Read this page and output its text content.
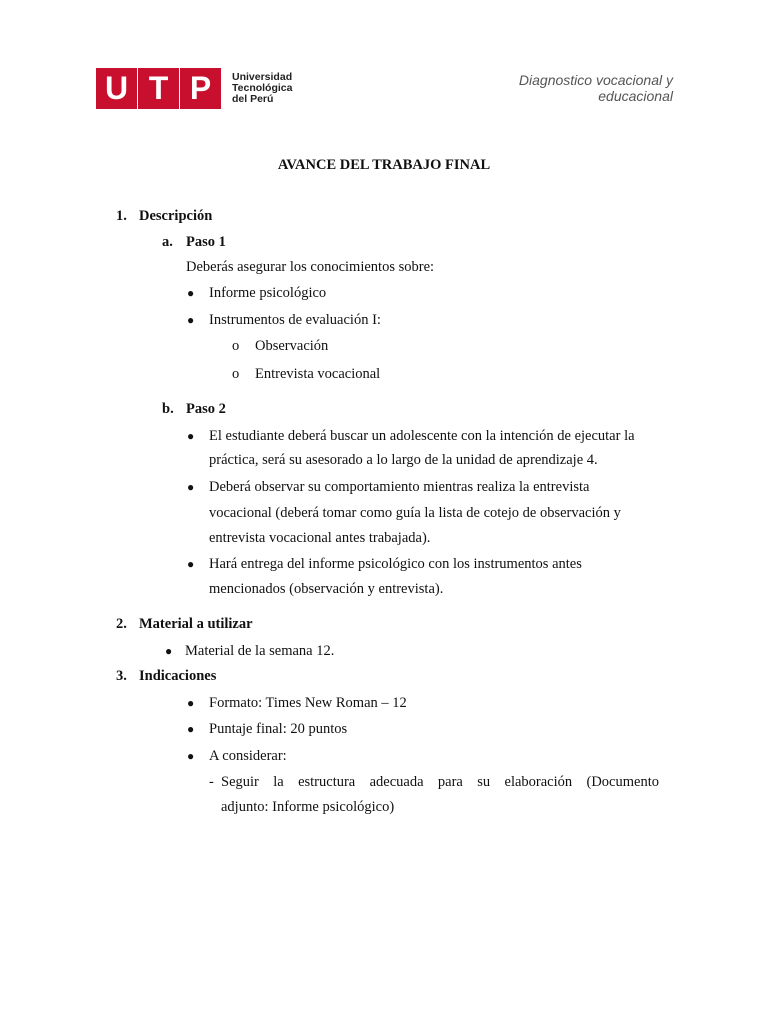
U T P	Universidad
Tecnológica
del Perú
Diagnostico vocacional y
educacional
AVANCE DEL TRABAJO FINAL
1. Descripción
a. Paso 1
Deberás asegurar los conocimientos sobre:
● Informe psicológico
● Instrumentos de evaluación I:
o Observación
o Entrevista vocacional
b. Paso 2
● El estudiante deberá buscar un adolescente con la intención de ejecutar la
práctica, será su asesorado a lo largo de la unidad de aprendizaje 4.
● Deberá observar su comportamiento mientras realiza la entrevista
vocacional (deberá tomar como guía la lista de cotejo de observación y
entrevista vocacional antes trabajada).
● Hará entrega del informe psicológico con los instrumentos antes
mencionados (observación y entrevista).
2. Material a utilizar
● Material de la semana 12.
3. Indicaciones
● Formato: Times New Roman – 12
● Puntaje final: 20 puntos
● A considerar:
- Seguir la estructura adecuada para su elaboración (Documento
adjunto: Informe psicológico)
